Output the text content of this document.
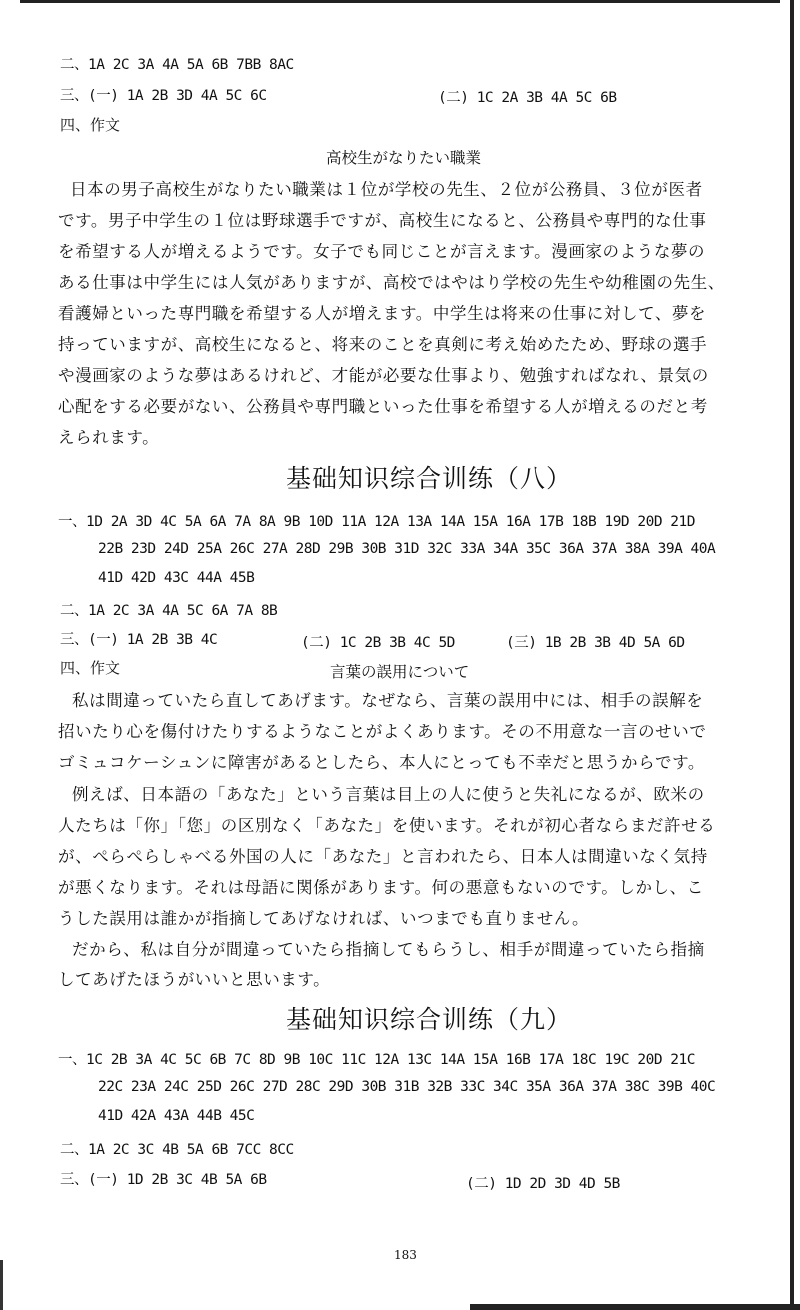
二、1A 2C 3A 4A 5A 6B 7BB 8AC
三、(一) 1A 2B 3D 4A 5C 6C	(二) 1C 2A 3B 4A 5C 6B
四、作文
高校生がなりたい職業
日本の男子高校生がなりたい職業は１位が学校の先生、２位が公務員、３位が医者
です。男子中学生の１位は野球選手ですが、高校生になると、公務員や専門的な仕事
を希望する人が増えるようです。女子でも同じことが言えます。漫画家のような夢の
ある仕事は中学生には人気がありますが、高校ではやはり学校の先生や幼稚園の先生、
看護婦といった専門職を希望する人が増えます。中学生は将来の仕事に対して、夢を
持っていますが、高校生になると、将来のことを真剣に考え始めたため、野球の選手
や漫画家のような夢はあるけれど、才能が必要な仕事より、勉強すればなれ、景気の
心配をする必要がない、公務員や専門職といった仕事を希望する人が増えるのだと考
えられます。
基础知识综合训练（八）
一、1D 2A 3D 4C 5A 6A 7A 8A 9B 10D 11A 12A 13A 14A 15A 16A 17B 18B 19D 20D 21D
22B 23D 24D 25A 26C 27A 28D 29B 30B 31D 32C 33A 34A 35C 36A 37A 38A 39A 40A
41D 42D 43C 44A 45B
二、1A 2C 3A 4A 5C 6A 7A 8B
三、(一) 1A 2B 3B 4C	(二) 1C 2B 3B 4C 5D	(三) 1B 2B 3B 4D 5A 6D
四、作文	言葉の誤用について
私は間違っていたら直してあげます。なぜなら、言葉の誤用中には、相手の誤解を
招いたり心を傷付けたりするようなことがよくあります。その不用意な一言のせいで
ゴミュコケーシュンに障害があるとしたら、本人にとっても不幸だと思うからです。
例えば、日本語の「あなた」という言葉は目上の人に使うと失礼になるが、欧米の
人たちは「你」「您」の区別なく「あなた」を使います。それが初心者ならまだ許せる
が、ぺらぺらしゃべる外国の人に「あなた」と言われたら、日本人は間違いなく気持
が悪くなります。それは母語に関係があります。何の悪意もないのです。しかし、こ
うした誤用は誰かが指摘してあげなければ、いつまでも直りません。
だから、私は自分が間違っていたら指摘してもらうし、相手が間違っていたら指摘
してあげたほうがいいと思います。
基础知识综合训练（九）
一、1C 2B 3A 4C 5C 6B 7C 8D 9B 10C 11C 12A 13C 14A 15A 16B 17A 18C 19C 20D 21C
22C 23A 24C 25D 26C 27D 28C 29D 30B 31B 32B 33C 34C 35A 36A 37A 38C 39B 40C
41D 42A 43A 44B 45C
二、1A 2C 3C 4B 5A 6B 7CC 8CC
三、(一) 1D 2B 3C 4B 5A 6B	(二) 1D 2D 3D 4D 5B
183
